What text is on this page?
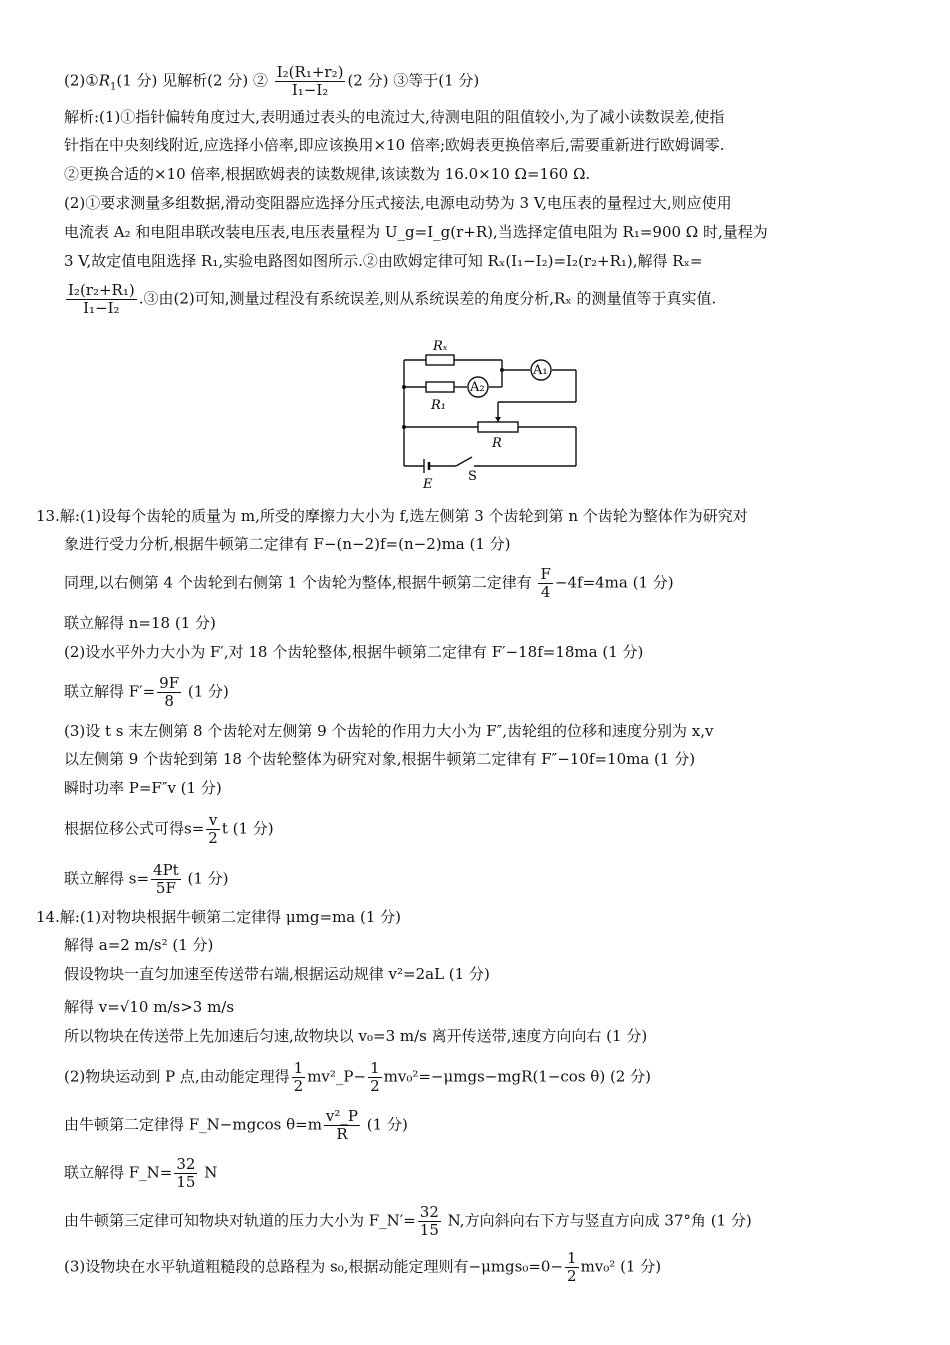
$(2)①R_1(1$ 分) 见解析(2 分) ② $\frac{\text{I₂(R₁+r₂)}}{\text{I₁−I₂}} (2$ 分) ③等于(1 分)
解析:(1)①指针偏转角度过大,表明通过表头的电流过大,待测电阻的阻值较小,为了减小读数误差,使指
针指在中央刻线附近,应选择小倍率,即应该换用×10 倍率;欧姆表更换倍率后,需要重新进行欧姆调零.
②更换合适的×10 倍率,根据欧姆表的读数规律,该读数为 16.0×10 Ω=160 Ω.
(2)①要求测量多组数据,滑动变阻器应选择分压式接法,电源电动势为 3 V,电压表的量程过大,则应使用
电流表 A₂ 和电阻串联改装电压表,电压表量程为 U_g=I_g(r+R),当选择定值电阻为 R₁=900 Ω 时,量程为
3 V,故定值电阻选择 R₁,实验电路图如图所示.②由欧姆定律可知 Rₓ(I₁−I₂)=I₂(r₂+R₁),解得 Rₓ=
$\frac{\text{I₂(r₂+R₁)}}{\text{I₁−I₂}}$ .③由(2)可知,测量过程没有系统误差,则从系统误差的角度分析,Rₓ 的测量值等于真实值.
Rₓ
R₁
A₂
A₁
R
E
S
13.解:(1)设每个齿轮的质量为 m,所受的摩擦力大小为 f,选左侧第 3 个齿轮到第 n 个齿轮为整体作为研究对
象进行受力分析,根据牛顿第二定律有 F−(n−2)f=(n−2)ma (1 分)
同理,以右侧第 4 个齿轮到右侧第 1 个齿轮为整体,根据牛顿第二定律有 $\frac{F}{4} -4f=4ma$ (1 分)
联立解得 n=18 (1 分)
(2)设水平外力大小为 F′,对 18 个齿轮整体,根据牛顿第二定律有 F′−18f=18ma (1 分)
联立解得 $F'= \frac{9F}{8} (1$ 分)
(3)设 t s 末左侧第 8 个齿轮对左侧第 9 个齿轮的作用力大小为 F″,齿轮组的位移和速度分别为 x,v
以左侧第 9 个齿轮到第 18 个齿轮整体为研究对象,根据牛顿第二定律有 F″−10f=10ma (1 分)
瞬时功率 P=F″v (1 分)
根据位移公式可得$s= \frac{v}{2}$ t (1 分)
联立解得 $s= \frac{4Pt}{5F} (1$ 分)
14.解:(1)对物块根据牛顿第二定律得 μmg=ma (1 分)
解得 a=2 m/s² (1 分)
假设物块一直匀加速至传送带右端,根据运动规律 v²=2aL (1 分)
解得 v=√10 m/s>3 m/s
所以物块在传送带上先加速后匀速,故物块以 v₀=3 m/s 离开传送带,速度方向向右 (1 分)
(2)物块运动到 P 点,由动能定理得 $\frac{1}{2}$ mv²_P− $\frac{1}{2} mv_0^2=-\mu mgs-mgR(1-\cos$ θ) (2 分)
由牛顿第二定律得 F_N−mgcos $\theta=m \frac{\text{v²\_P}}{R} (1$ 分)
联立解得 F_N= $\frac{32}{15}$ N
由牛顿第三定律可知物块对轨道的压力大小为 F_N′= $\frac{32}{15} N$,方向斜向右下方与竖直方向成 37°角 (1 分)
(3)设物块在水平轨道粗糙段的总路程为 s₀,根据动能定理则有$-\mu mgs_0=0- \frac{1}{2} mv_0^2$ (1 分)
